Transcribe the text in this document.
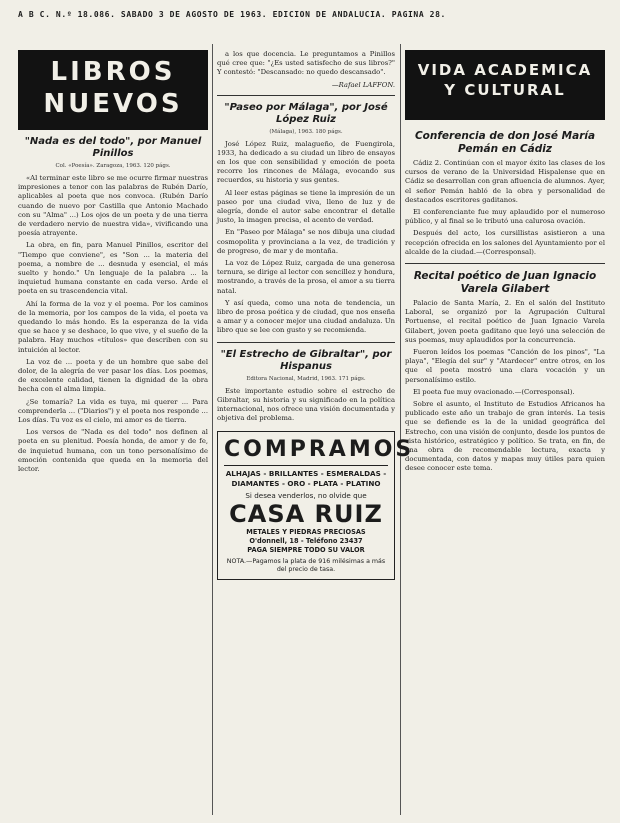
A B C. N.º 18.086. SABADO 3 DE AGOSTO DE 1963. EDICION DE ANDALUCIA. PAGINA 28.
LIBROS
NUEVOS
"Nada es del todo", por Manuel Pinillos
Col. «Poesía». Zaragoza, 1963. 120 págs.

«Al terminar este libro se me ocurre firmar nuestras impresiones a tenor con las palabras de Rubén Darío, aplicables al poeta que nos convoca. (Rubén Darío cuando de nuevo por Castilla que Antonio Machado con su "Alma" ...) Los ojos de un poeta y de una tierra de verdadero nervio de nuestra vida», vivificando una poesía atrayente.

La obra, en fin, para Manuel Pinillos, escritor del "Tiempo que conviene", es "Son ... la materia del poema, a nombre de ... desnuda y esencial, el más suelto y hondo." Un lenguaje de la palabra ... la inquietud humana constante en cada verso. Arde el poeta en su trascendencia vital.

Ahí la forma de la voz y el poema. Por los caminos de la memoria, por los campos de la vida, el poeta va quedando lo más hondo. Es la esperanza de la vida que se hace y se deshace, lo que vive, y el sueño de la palabra. Hay muchos «títulos» que describen con su intuición al lector.

La voz de ... poeta y de un hombre que sabe del dolor, de la alegría de ver pasar los días. Los poemas, de excelente calidad, tienen la dignidad de la obra hecha con el alma limpia.

¿Se tomaría? La vida es tuya, mi querer ... Para comprenderla ... ("Diarios") y el poeta nos responde ... Los días. Tu voz es el cielo, mi amor es de tierra.

Los versos de "Nada es del todo" nos definen al poeta en su plenitud. Poesía honda, de amor y de fe, de inquietud humana, con un tono personalísimo de emoción contenida que queda en la memoria del lector.

a los que docencia. Le preguntamos a Pinillos qué cree que: "¿Es usted satisfecho de sus libros?" Y contestó: "Descansado: no quedo descansado".

—Rafael LAFFON.
"Paseo por Málaga", por José López Ruiz
(Málaga), 1963. 180 págs.

José López Ruiz, malagueño, de Fuengirola, 1933, ha dedicado a su ciudad un libro de ensayos en los que con sensibilidad y emoción de poeta recorre los rincones de Málaga, evocando sus recuerdos, su historia y sus gentes.

Al leer estas páginas se tiene la impresión de un paseo por una ciudad viva, lleno de luz y de alegría, donde el autor sabe encontrar el detalle justo, la imagen precisa, el acento de verdad.

En "Paseo por Málaga" se nos dibuja una ciudad cosmopolita y provinciana a la vez, de tradición y de progreso, de mar y de montaña.

La voz de López Ruiz, cargada de una generosa ternura, se dirige al lector con sencillez y hondura, mostrando, a través de la prosa, el amor a su tierra natal.

Y así queda, como una nota de tendencia, un libro de prosa poética y de ciudad, que nos enseña a amar y a conocer mejor una ciudad andaluza. Un libro que se lee con gusto y se recomienda.

"El Estrecho de Gibraltar", por Hispanus
Editora Nacional, Madrid, 1963. 171 págs.

Este importante estudio sobre el estrecho de Gibraltar, su historia y su significado en la política internacional, nos ofrece una visión documentada y objetiva del problema.

COMPRAMOS
ALHAJAS - BRILLANTES - ESMERALDAS - DIAMANTES - ORO - PLATA - PLATINO
Si desea venderlos, no olvide que
CASA RUIZ
METALES Y PIEDRAS PRECIOSAS
O'donnell, 18 - Teléfono 23437
PAGA SIEMPRE TODO SU VALOR
NOTA.—Pagamos la plata de 916 milésimas a más del precio de tasa.
VIDA ACADEMICA
Y CULTURAL
Conferencia de don José María Pemán en Cádiz

Cádiz 2. Continúan con el mayor éxito las clases de los cursos de verano de la Universidad Hispalense que en Cádiz se desarrollan con gran afluencia de alumnos. Ayer, el señor Pemán habló de la obra y personalidad de destacados escritores gaditanos.

El conferenciante fue muy aplaudido por el numeroso público, y al final se le tributó una calurosa ovación.

Después del acto, los cursillistas asistieron a una recepción ofrecida en los salones del Ayuntamiento por el alcalde de la ciudad.—(Corresponsal).

Recital poético de Juan Ignacio Varela Gilabert

Palacio de Santa María, 2. En el salón del Instituto Laboral, se organizó por la Agrupación Cultural Portuense, el recital poético de Juan Ignacio Varela Gilabert, joven poeta gaditano que leyó una selección de sus poemas, muy aplaudidos por la concurrencia.

Fueron leídos los poemas "Canción de los pinos", "La playa", "Elegía del sur" y "Atardecer" entre otros, en los que el poeta mostró una clara vocación y un personalísimo estilo.

El poeta fue muy ovacionado.—(Corresponsal).

Sobre el asunto, el Instituto de Estudios Africanos ha publicado este año un trabajo de gran interés. La tesis que se defiende es la de la unidad geográfica del Estrecho, con una visión de conjunto, desde los puntos de vista histórico, estratégico y político. Se trata, en fin, de una obra de recomendable lectura, exacta y documentada, con datos y mapas muy útiles para quien desee conocer este tema.
